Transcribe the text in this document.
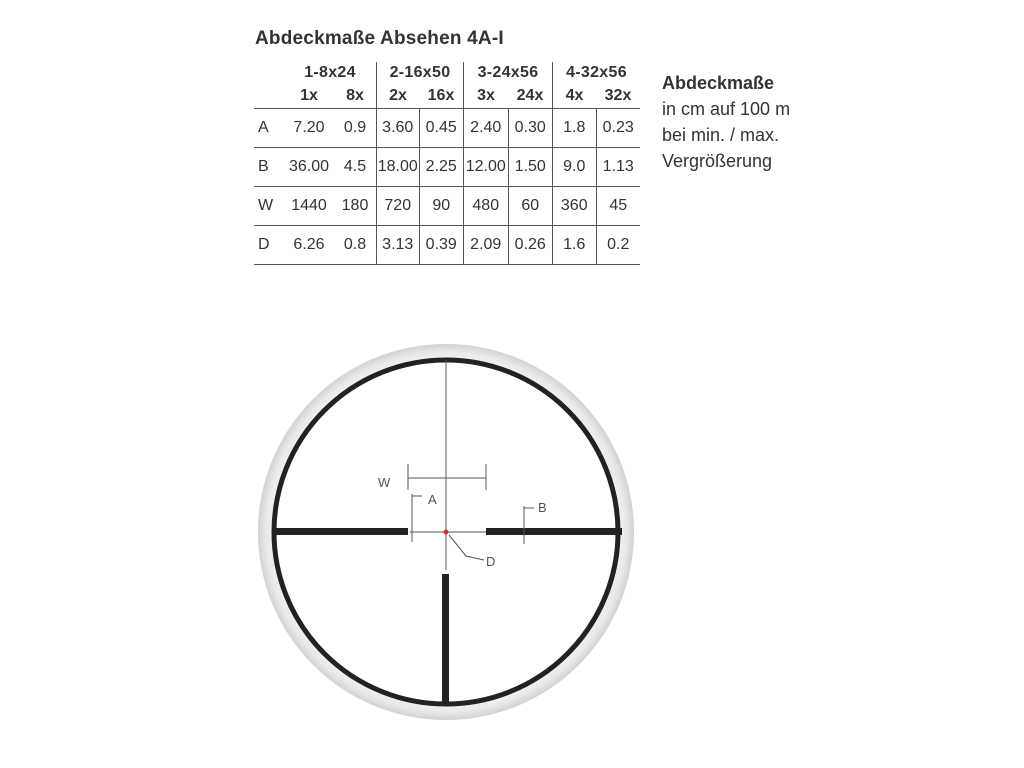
Abdeckmaße Absehen 4A-I
	1-8x24		2-16x50		3-24x56		4-32x56	
	1x	8x	2x	16x	3x	24x	4x	32x
A	7.20	0.9	3.60	0.45	2.40	0.30	1.8	0.23
B	36.00	4.5	18.00	2.25	12.00	1.50	9.0	1.13
W	1440	180	720	90	480	60	360	45
D	6.26	0.8	3.13	0.39	2.09	0.26	1.6	0.2
Abdeckmaße
in cm auf 100 m
bei min. / max.
Vergrößerung
W
A
B
D
